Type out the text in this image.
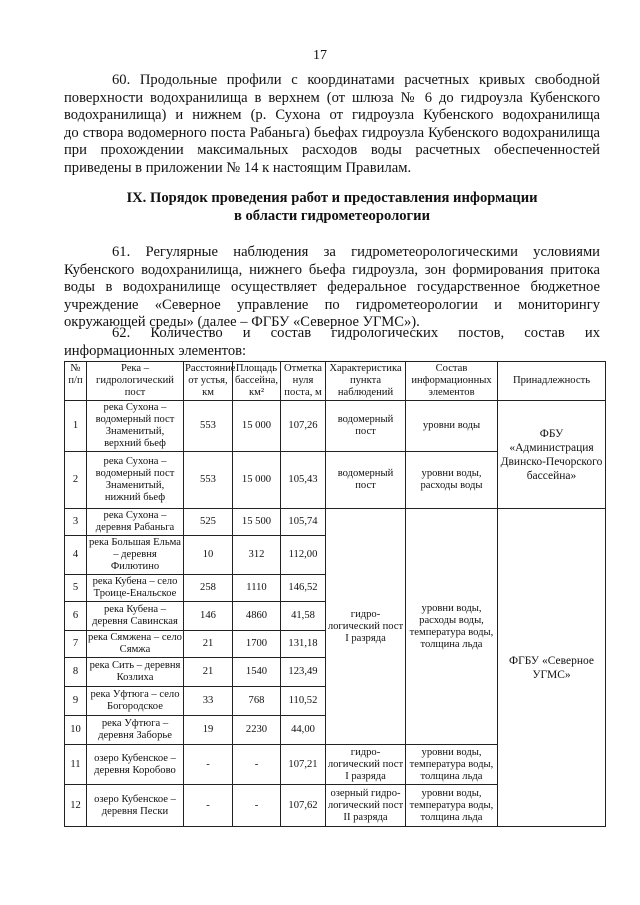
17
60. Продольные профили с координатами расчетных кривых свободной
поверхности водохранилища в верхнем (от шлюза № 6 до гидроузла Кубенского
водохранилища) и нижнем (р. Сухона от гидроузла Кубенского водохранилища
до створа водомерного поста Рабаньга) бьефах гидроузла Кубенского водохранилища
при прохождении максимальных расходов воды расчетных обеспеченностей
приведены в приложении № 14 к настоящим Правилам.
IX. Порядок проведения работ и предоставления информации
в области гидрометеорологии
61. Регулярные наблюдения за гидрометеорологическими условиями
Кубенского водохранилища, нижнего бьефа гидроузла, зон формирования притока
воды в водохранилище осуществляет федеральное государственное бюджетное
учреждение «Северное управление по гидрометеорологии и мониторингу
окружающей среды» (далее – ФГБУ «Северное УГМС»).
62. Количество и состав гидрологических постов, состав их
информационных элементов:
№ п/п	Река – гидрологический пост	Расстояние от устья, км	Площадь бассейна, км²	Отметка нуля поста, м	Характеристика пункта наблюдений	Состав информационных элементов	Принадлежность
1	река Сухона – водомерный пост Знаменитый, верхний бьеф	553	15 000	107,26	водомерный пост	уровни воды	ФБУ «Администрация Двинско-Печорского бассейна»
2	река Сухона – водомерный пост Знаменитый, нижний бьеф	553	15 000	105,43	водомерный пост	уровни воды, расходы воды	
3	река Сухона – деревня Рабаньга	525	15 500	105,74	гидро-логический пост I разряда	уровни воды, расходы воды, температура воды, толщина льда	ФГБУ «Северное УГМС»
4	река Большая Ельма – деревня Филютино	10	312	112,00			
5	река Кубена – село Троице-Енальское	258	1110	146,52			
6	река Кубена – деревня Савинская	146	4860	41,58			
7	река Сямжена – село Сямжа	21	1700	131,18			
8	река Сить – деревня Козлиха	21	1540	123,49			
9	река Уфтюга – село Богородское	33	768	110,52			
10	река Уфтюга – деревня Заборье	19	2230	44,00			
11	озеро Кубенское – деревня Коробово	-	-	107,21	гидро-логический пост I разряда	уровни воды, температура воды, толщина льда	
12	озеро Кубенское – деревня Пески	-	-	107,62	озерный гидро-логический пост II разряда	уровни воды, температура воды, толщина льда	
